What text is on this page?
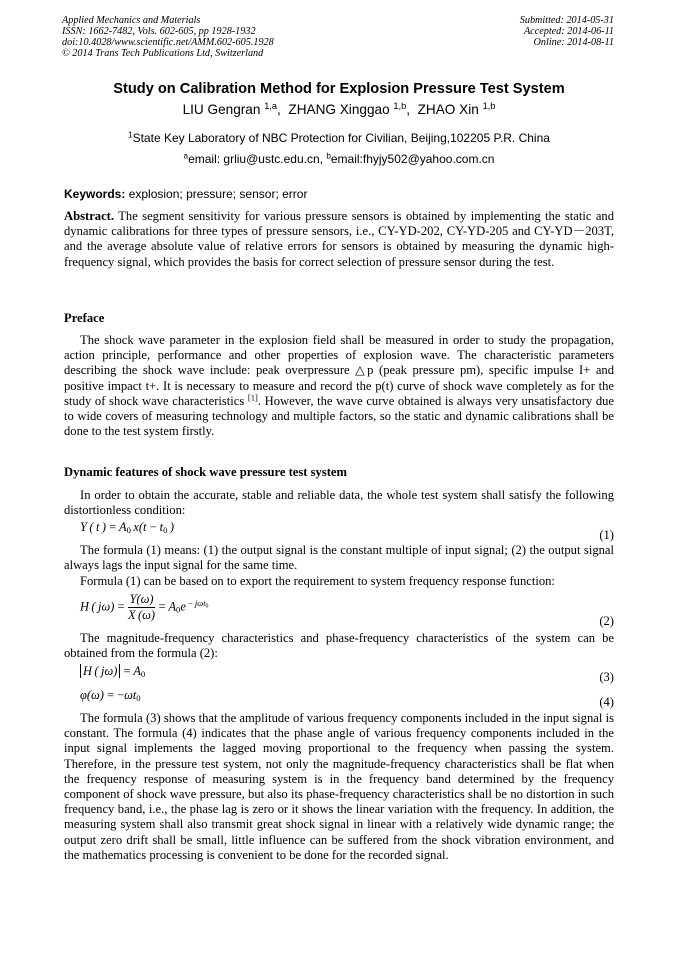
Applied Mechanics and Materials
ISSN: 1662-7482, Vols. 602-605, pp 1928-1932
doi:10.4028/www.scientific.net/AMM.602-605.1928
© 2014 Trans Tech Publications Ltd, Switzerland
Submitted: 2014-05-31
Accepted: 2014-06-11
Online: 2014-08-11
Study on Calibration Method for Explosion Pressure Test System
LIU Gengran $^{1,a}$,  ZHANG Xinggao $^{1,b}$,  ZHAO Xin $^{1,b}$
$^1$State Key Laboratory of NBC Protection for Civilian, Beijing,102205 P.R. China
$^a$email: grliu@ustc.edu.cn, $^b$email:fhyjy502@yahoo.com.cn
Keywords: explosion; pressure; sensor; error
Abstract. The segment sensitivity for various pressure sensors is obtained by implementing the static and dynamic calibrations for three types of pressure sensors, i.e., CY-YD-202, CY-YD-205 and CY-YD－203T, and the average absolute value of relative errors for sensors is obtained by measuring the dynamic high-frequency signal, which provides the basis for correct selection of pressure sensor during the test.
Preface
The shock wave parameter in the explosion field shall be measured in order to study the propagation, action principle, performance and other properties of explosion wave. The characteristic parameters describing the shock wave include: peak overpressure △p (peak pressure pm), specific impulse I+ and positive impact t+. It is necessary to measure and record the p(t) curve of shock wave completely as for the study of shock wave characteristics [1]. However, the wave curve obtained is always very unsatisfactory due to wide covers of measuring technology and multiple factors, so the static and dynamic calibrations shall be done to the test system firstly.
Dynamic features of shock wave pressure test system
In order to obtain the accurate, stable and reliable data, the whole test system shall satisfy the following distortionless condition:
Y ( t ) = $A_0$ $x(t - t_0$ )
(1)
The formula (1) means: (1) the output signal is the constant multiple of input signal; (2) the output signal always lags the input signal for the same time.
Formula (1) can be based on to export the requirement to system frequency response function:
H ( $j\omega) = \frac{Y(\omega)}{X (\omega)} = A_0e$ $^{- j\omega t_0}$
(2)
The magnitude-frequency characteristics and phase-frequency characteristics of the system can be obtained from the formula (2):
H ( $j\omega) = A_0$	(3)
$\varphi(\omega) = -\omega t_0$	(4)
The formula (3) shows that the amplitude of various frequency components included in the input signal is constant. The formula (4) indicates that the phase angle of various frequency components included in the input signal implements the lagged moving proportional to the frequency when passing the system. Therefore, in the pressure test system, not only the magnitude-frequency characteristics shall be flat when the frequency response of measuring system is in the frequency band determined by the frequency component of shock wave pressure, but also its phase-frequency characteristics shall be no distortion in such frequency band, i.e., the phase lag is zero or it shows the linear variation with the frequency. In addition, the measuring system shall also transmit great shock signal in linear with a relatively wide dynamic range; the output zero drift shall be small, little influence can be suffered from the shock vibration environment, and the mathematics processing is convenient to be done for the recorded signal.
